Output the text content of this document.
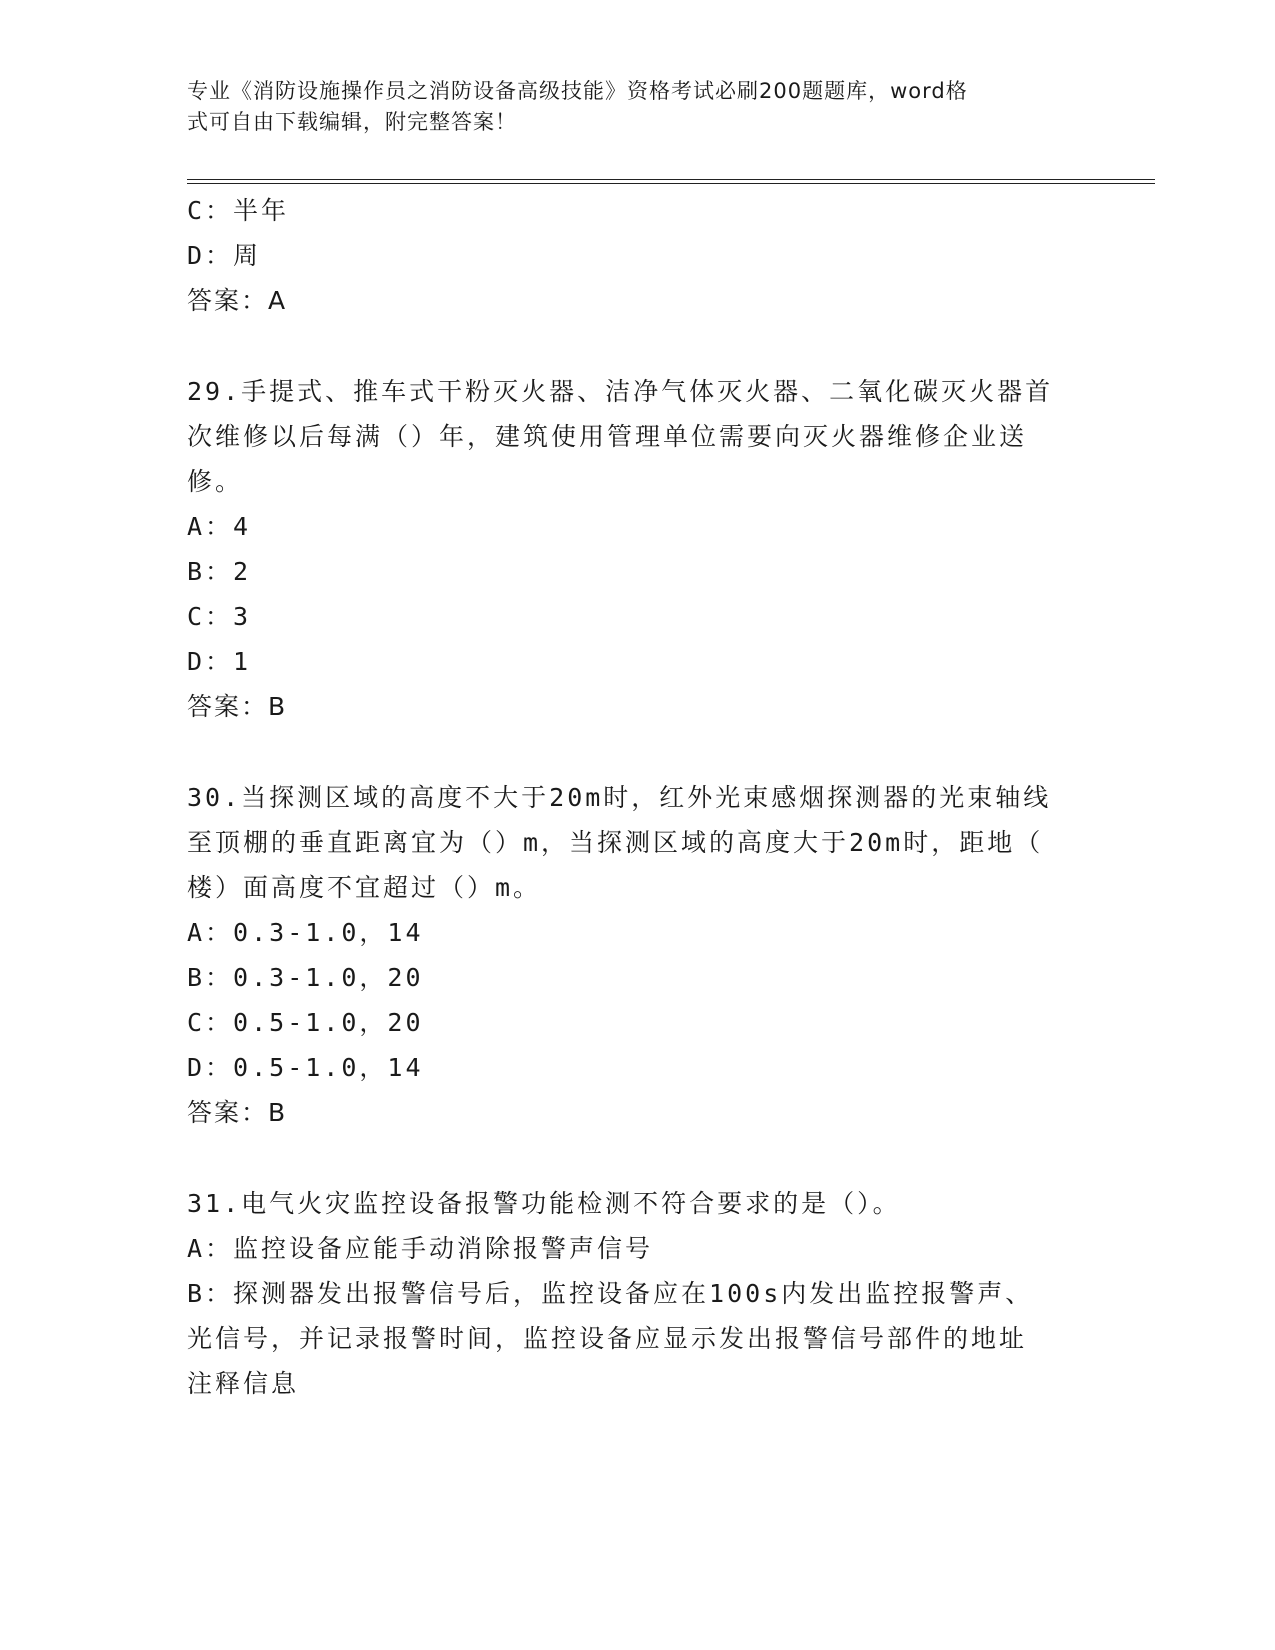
专业《消防设施操作员之消防设备高级技能》资格考试必刷200题题库，word格
式可自由下载编辑，附完整答案！
C：半年
D：周
答案：A
29.手提式、推车式干粉灭火器、洁净气体灭火器、二氧化碳灭火器首
次维修以后每满（）年，建筑使用管理单位需要向灭火器维修企业送
修。
A：4
B：2
C：3
D：1
答案：B
30.当探测区域的高度不大于20m时，红外光束感烟探测器的光束轴线
至顶棚的垂直距离宜为（）m，当探测区域的高度大于20m时，距地（
楼）面高度不宜超过（）m。
A：0.3-1.0，14
B：0.3-1.0，20
C：0.5-1.0，20
D：0.5-1.0，14
答案：B
31.电气火灾监控设备报警功能检测不符合要求的是（）。
A：监控设备应能手动消除报警声信号
B：探测器发出报警信号后，监控设备应在100s内发出监控报警声、
光信号，并记录报警时间，监控设备应显示发出报警信号部件的地址
注释信息
